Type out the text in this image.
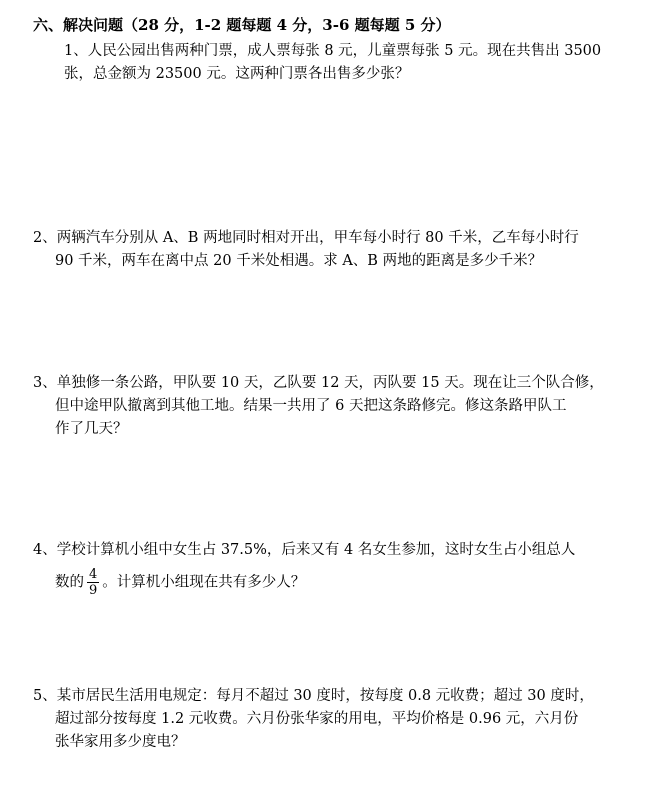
六、解决问题（28 分，1-2 题每题 4 分，3-6 题每题 5 分）
1、人民公园出售两种门票，成人票每张 8 元，儿童票每张 5 元。现在共售出 3500
张，总金额为 23500 元。这两种门票各出售多少张？
2、两辆汽车分别从 A、B 两地同时相对开出，甲车每小时行 80 千米，乙车每小时行
90 千米，两车在离中点 20 千米处相遇。求 A、B 两地的距离是多少千米？
3、单独修一条公路，甲队要 10 天，乙队要 12 天，丙队要 15 天。现在让三个队合修，
但中途甲队撤离到其他工地。结果一共用了 6 天把这条路修完。修这条路甲队工
作了几天？
4、学校计算机小组中女生占 37.5%，后来又有 4 名女生参加，这时女生占小组总人
数的 $\frac{4}{9}$ 。计算机小组现在共有多少人？
5、某市居民生活用电规定：每月不超过 30 度时，按每度 0.8 元收费；超过 30 度时，
超过部分按每度 1.2 元收费。六月份张华家的用电，平均价格是 0.96 元，六月份
张华家用多少度电？
